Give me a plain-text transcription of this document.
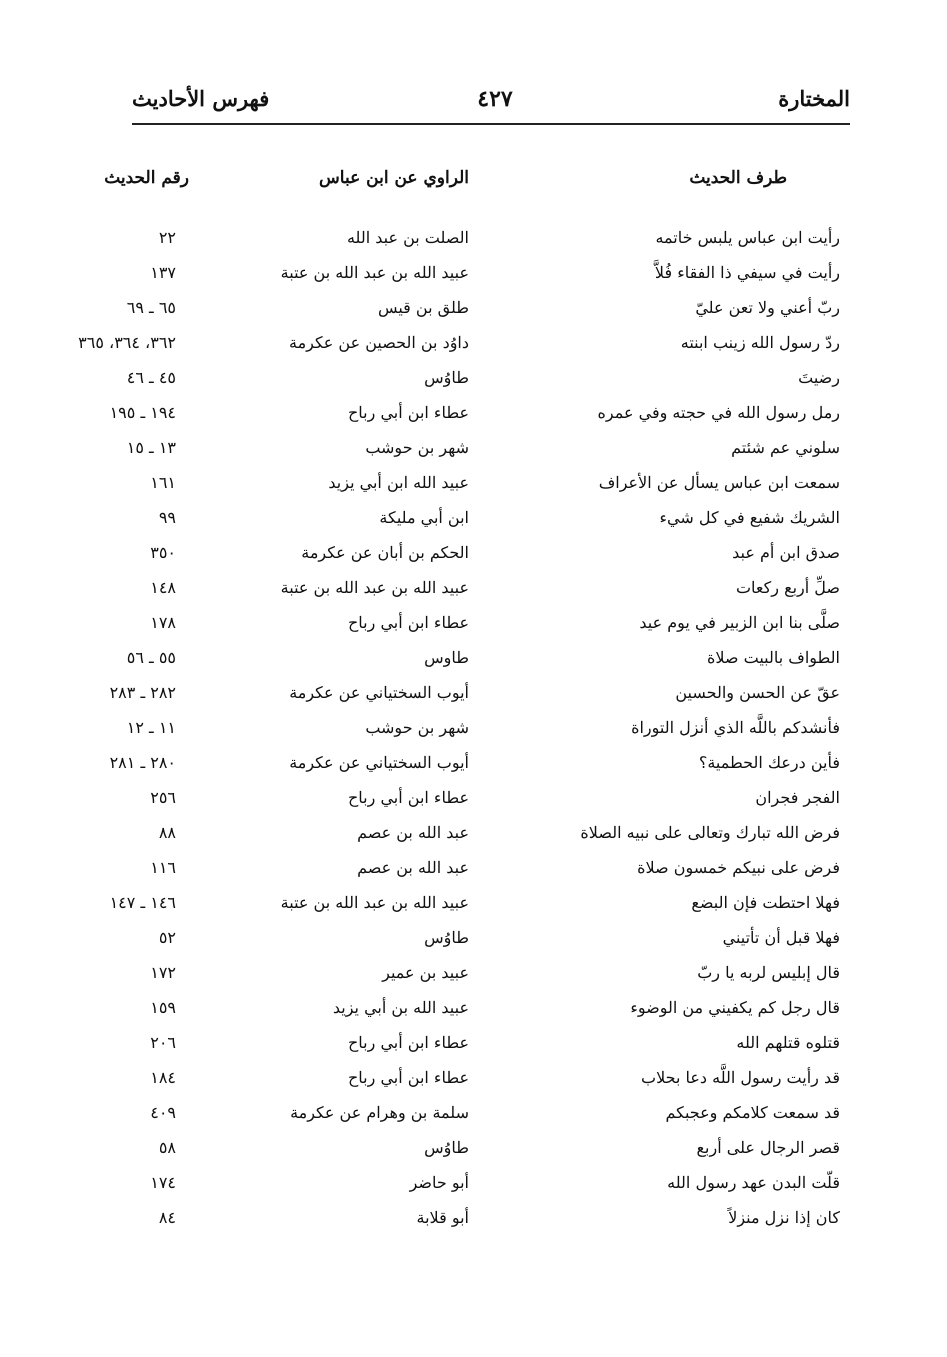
المختارة
٤٢٧
فهرس الأحاديث
طرف الحديث
الراوي عن ابن عباس
رقم الحديث
رأيت ابن عباس يلبس خاتمه
الصلت بن عبد الله
٢٢
رأيت في سيفي ذا الفقاء فُلاَّ
عبيد الله بن عبد الله بن عتبة
١٣٧
ربّ أعني ولا تعن عليّ
طلق بن قيس
٦٥ ـ ٦٩
ردّ رسول الله زينب ابنته
داوُد بن الحصين عن عكرمة
٣٦٢، ٣٦٤، ٣٦٥
رضيتَ
طاوُس
٤٥ ـ ٤٦
رمل رسول الله في حجته وفي عمره
عطاء ابن أبي رباح
١٩٤ ـ ١٩٥
سلوني عم شئتم
شهر بن حوشب
١٣ ـ ١٥
سمعت ابن عباس يسأل عن الأعراف
عبيد الله ابن أبي يزيد
١٦١
الشريك شفيع في كل شيء
ابن أبي مليكة
٩٩
صدق ابن أم عبد
الحكم بن أبان عن عكرمة
٣٥٠
صلِّ أربع ركعات
عبيد الله بن عبد الله بن عتبة
١٤٨
صلَّى بنا ابن الزبير في يوم عيد
عطاء ابن أبي رباح
١٧٨
الطواف بالبيت صلاة
طاوس
٥٥ ـ ٥٦
عقّ عن الحسن والحسين
أيوب السختياني عن عكرمة
٢٨٢ ـ ٢٨٣
فأنشدكم باللَّه الذي أنزل التوراة
شهر بن حوشب
١١ ـ ١٢
فأين درعك الحطمية؟
أيوب السختياني عن عكرمة
٢٨٠ ـ ٢٨١
الفجر فجران
عطاء ابن أبي رباح
٢٥٦
فرض الله تبارك وتعالى على نبيه الصلاة
عبد الله بن عصم
٨٨
فرض على نبيكم خمسون صلاة
عبد الله بن عصم
١١٦
فهلا احتطت فإن البضع
عبيد الله بن عبد الله بن عتبة
١٤٦ ـ ١٤٧
فهلا قبل أن تأتيني
طاوُس
٥٢
قال إبليس لربه يا ربّ
عبيد بن عمير
١٧٢
قال رجل كم يكفيني من الوضوء
عبيد الله بن أبي يزيد
١٥٩
قتلوه قتلهم الله
عطاء ابن أبي رباح
٢٠٦
قد رأيت رسول اللَّه دعا بحلاب
عطاء ابن أبي رباح
١٨٤
قد سمعت كلامكم وعجبكم
سلمة بن وهرام عن عكرمة
٤٠٩
قصر الرجال على أربع
طاوُس
٥٨
قلّت البدن عهد رسول الله
أبو حاضر
١٧٤
كان إذا نزل منزلاً
أبو قلابة
٨٤
